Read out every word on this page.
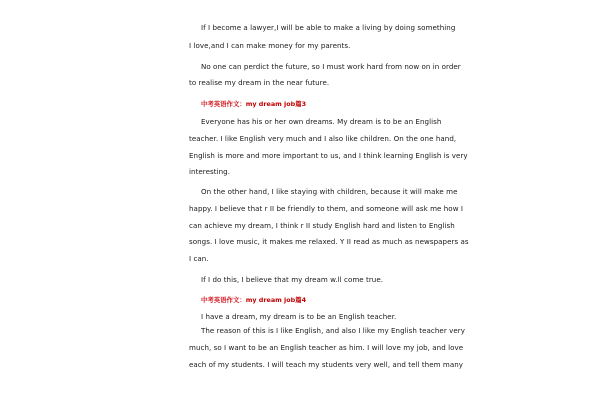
If I become a lawyer,I will be able to make a living by doing something
I love,and I can make money for my parents.
No one can perdict the future, so I must work hard from now on in order
to realise my dream in the near future.
中考英语作文：my dream job篇3
Everyone has his or her own dreams. My dream is to be an English
teacher. I like English very much and I also like children. On the one hand,
English is more and more important to us, and I think learning English is very
interesting.
On the other hand, I like staying with children, because it will make me
happy. I believe that r II be friendly to them, and someone will ask me how I
can achieve my dream, I think r II study English hard and listen to English
songs. I love music, it makes me relaxed. Y II read as much as newspapers as
I can.
If I do this, I believe that my dream w.ll come true.
中考英语作文：my dream job篇4
I have a dream, my dream is to be an English teacher.
The reason of this is I like English, and also I like my English teacher very
much, so I want to be an English teacher as him. I will love my job, and love
each of my students. I will teach my students very well, and tell them many
